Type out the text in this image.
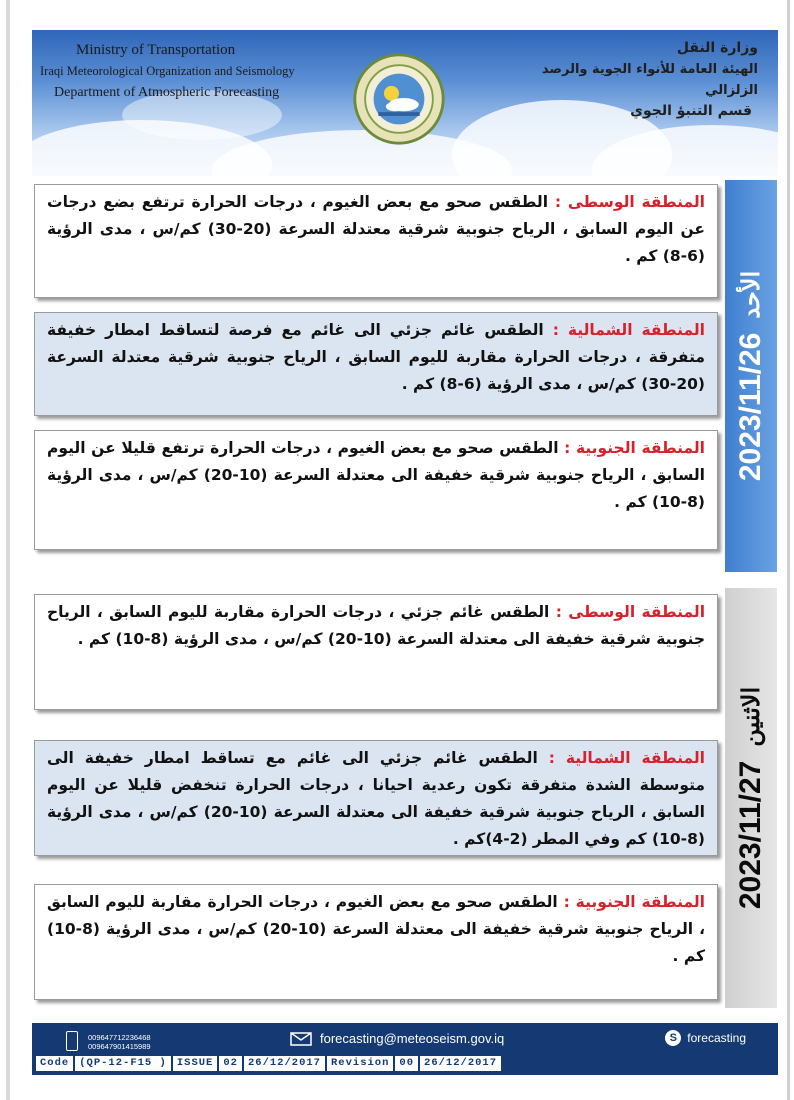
Ministry of Transportation
Iraqi Meteorological Organization and Seismology
Department of Atmospheric Forecasting
وزارة النقل
الهيئة العامة للأنواء الجوية والرصد الزلزالي
قسم التنبؤ الجوي
2023/11/26
الأحد
المنطقة الوسطى : الطقس صحو مع بعض الغيوم ، درجات الحرارة ترتفع بضع درجات عن اليوم السابق ، الرياح جنوبية شرقية معتدلة السرعة (20-30) كم/س ، مدى الرؤية (6-8) كم .
المنطقة الشمالية : الطقس غائم جزئي الى غائم مع فرصة لتساقط امطار خفيفة متفرقة ، درجات الحرارة مقاربة لليوم السابق ، الرياح جنوبية شرقية معتدلة السرعة (20-30) كم/س ، مدى الرؤية (6-8) كم .
المنطقة الجنوبية : الطقس صحو مع بعض الغيوم ، درجات الحرارة ترتفع قليلا عن اليوم السابق ، الرياح جنوبية شرقية خفيفة الى معتدلة السرعة (10-20) كم/س ، مدى الرؤية (8-10) كم .
2023/11/27
الاثنين
المنطقة الوسطى : الطقس غائم جزئي ، درجات الحرارة مقاربة لليوم السابق ، الرياح جنوبية شرقية خفيفة الى معتدلة السرعة (10-20) كم/س ، مدى الرؤية (8-10) كم .
المنطقة الشمالية : الطقس غائم جزئي الى غائم مع تساقط امطار خفيفة الى متوسطة الشدة متفرقة تكون رعدية احيانا ، درجات الحرارة تنخفض قليلا عن اليوم السابق ، الرياح جنوبية شرقية خفيفة الى معتدلة السرعة (10-20) كم/س ، مدى الرؤية (8-10) كم وفي المطر (2-4)كم .
المنطقة الجنوبية : الطقس صحو مع بعض الغيوم ، درجات الحرارة مقاربة لليوم السابق ، الرياح جنوبية شرقية خفيفة الى معتدلة السرعة (10-20) كم/س ، مدى الرؤية (8-10) كم .
009647712236468
009647901415989
forecasting@meteoseism.gov.iq	S forecasting
Code (QP-12-F15 ) ISSUE 02 26/12/2017 Revision 00 26/12/2017
